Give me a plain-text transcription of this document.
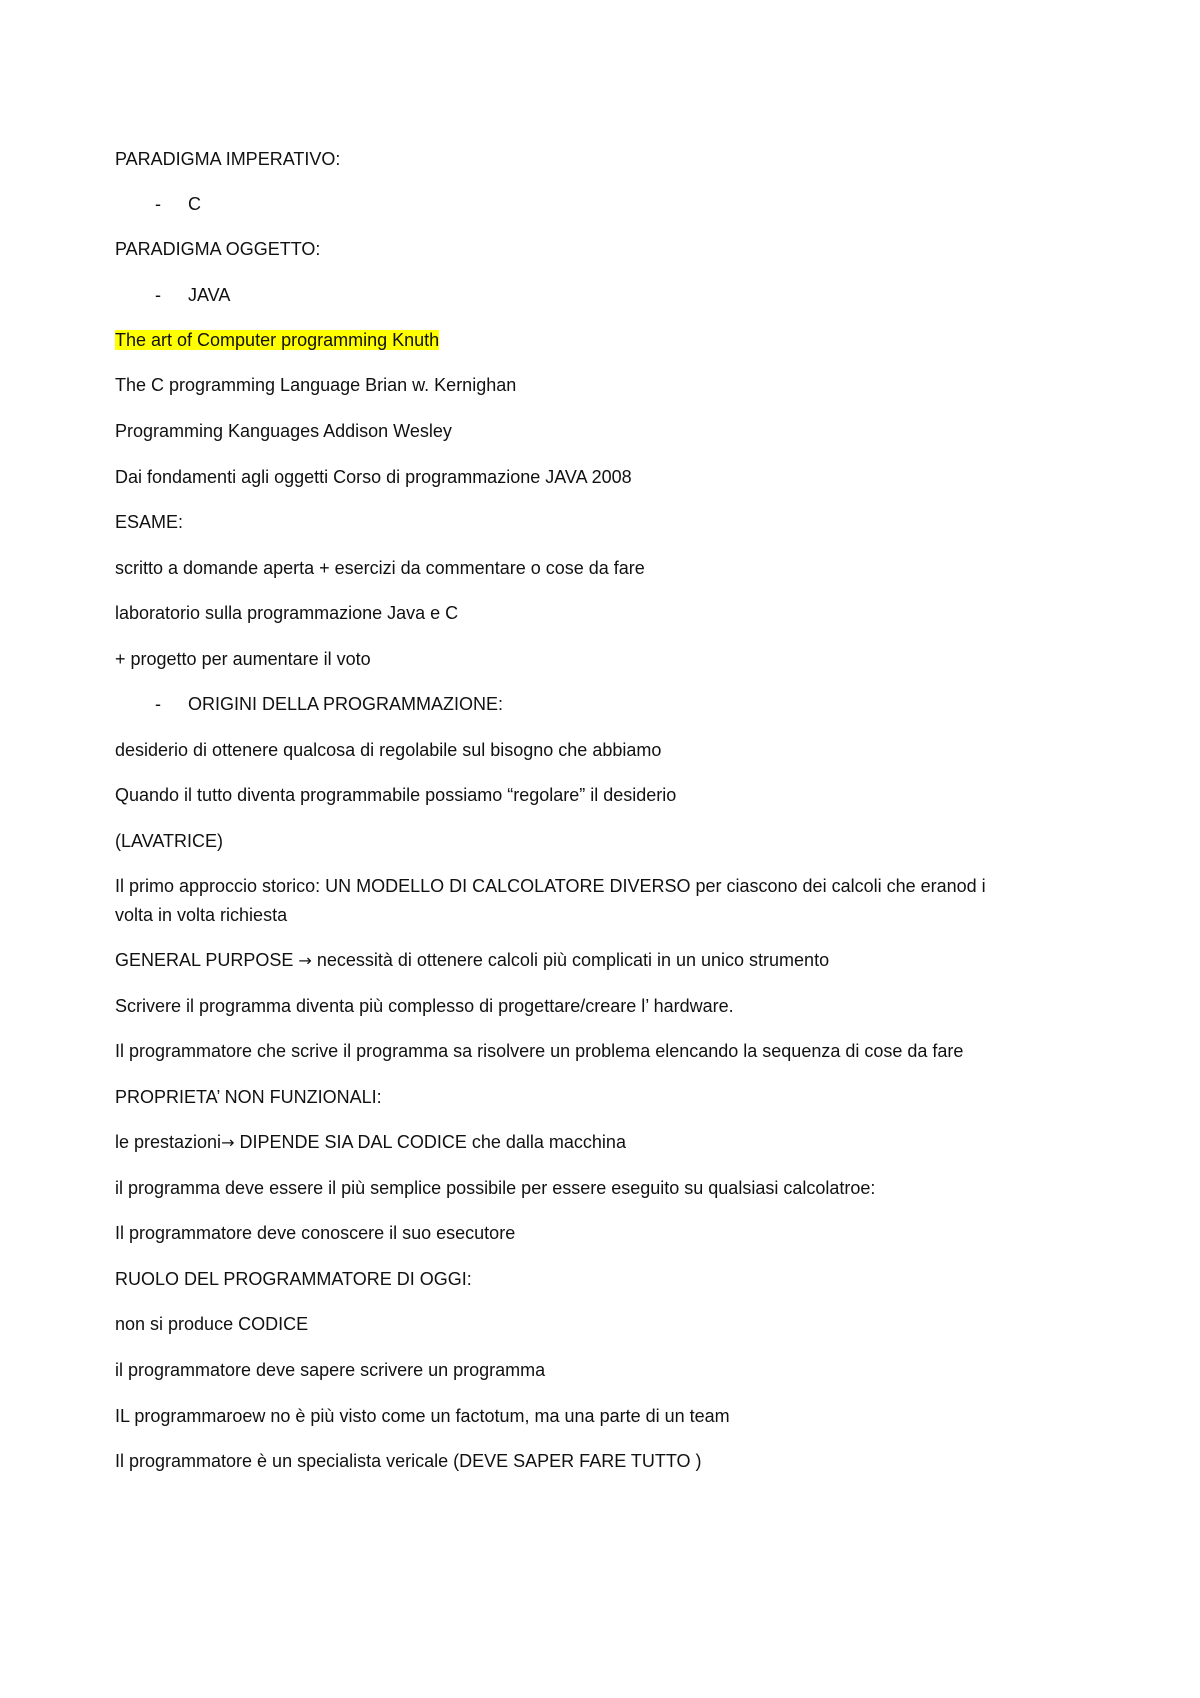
PARADIGMA IMPERATIVO:
- C
PARADIGMA OGGETTO:
- JAVA
The art of Computer programming Knuth
The C programming Language Brian w. Kernighan
Programming Kanguages Addison Wesley
Dai fondamenti agli oggetti Corso di programmazione JAVA 2008
ESAME:
scritto a domande aperta + esercizi da commentare o cose da fare
laboratorio sulla programmazione Java e C
+ progetto per aumentare il voto
- ORIGINI DELLA PROGRAMMAZIONE:
desiderio di ottenere qualcosa di regolabile sul bisogno che abbiamo
Quando il tutto diventa programmabile possiamo “regolare” il desiderio
(LAVATRICE)
Il primo approccio storico: UN MODELLO DI CALCOLATORE DIVERSO per ciascono dei calcoli che eranod i
volta in volta richiesta
GENERAL PURPOSE → necessità di ottenere calcoli più complicati in un unico strumento
Scrivere il programma diventa più complesso di progettare/creare l’ hardware.
Il programmatore che scrive il programma sa risolvere un problema elencando la sequenza di cose da fare
PROPRIETA’ NON FUNZIONALI:
le prestazioni→ DIPENDE SIA DAL CODICE che dalla macchina
il programma deve essere il più semplice possibile per essere eseguito su qualsiasi calcolatroe:
Il programmatore deve conoscere il suo esecutore
RUOLO DEL PROGRAMMATORE DI OGGI:
non si produce CODICE
il programmatore deve sapere scrivere un programma
IL programmaroew no è più visto come un factotum, ma una parte di un team
Il programmatore è un specialista vericale (DEVE SAPER FARE TUTTO )
